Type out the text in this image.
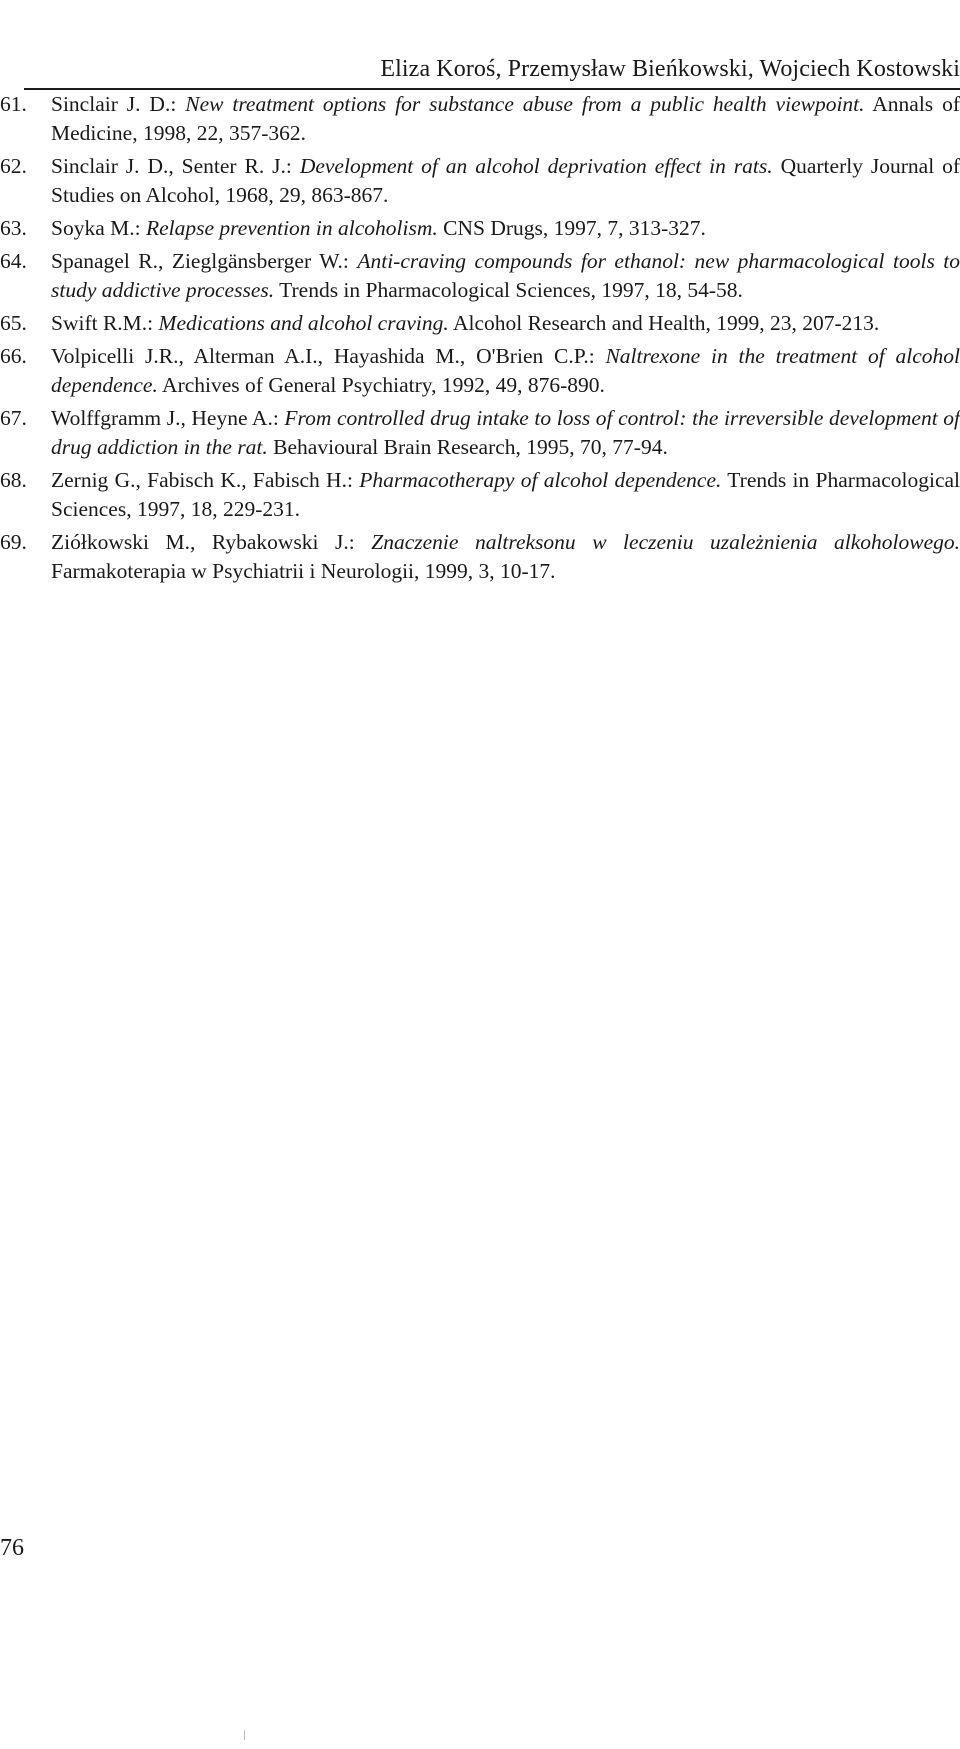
Eliza Koroś, Przemysław Bieńkowski, Wojciech Kostowski
61.	Sinclair J. D.: New treatment options for substance abuse from a public health viewpoint. Annals of Medicine, 1998, 22, 357-362.
62.	Sinclair J. D., Senter R. J.: Development of an alcohol deprivation effect in rats. Quarterly Journal of Studies on Alcohol, 1968, 29, 863-867.
63.	Soyka M.: Relapse prevention in alcoholism. CNS Drugs, 1997, 7, 313-327.
64.	Spanagel R., Zieglgänsberger W.: Anti-craving compounds for ethanol: new pharmacological tools to study addictive processes. Trends in Pharmacological Sciences, 1997, 18, 54-58.
65.	Swift R.M.: Medications and alcohol craving. Alcohol Research and Health, 1999, 23, 207-213.
66.	Volpicelli J.R., Alterman A.I., Hayashida M., O'Brien C.P.: Naltrexone in the treatment of alcohol dependence. Archives of General Psychiatry, 1992, 49, 876-890.
67.	Wolffgramm J., Heyne A.: From controlled drug intake to loss of control: the irreversible development of drug addiction in the rat. Behavioural Brain Research, 1995, 70, 77-94.
68.	Zernig G., Fabisch K., Fabisch H.: Pharmacotherapy of alcohol dependence. Trends in Pharmacological Sciences, 1997, 18, 229-231.
69.	Ziółkowski M., Rybakowski J.: Znaczenie naltreksonu w leczeniu uzależnienia alkoholowego. Farmakoterapia w Psychiatrii i Neurologii, 1999, 3, 10-17.
76
